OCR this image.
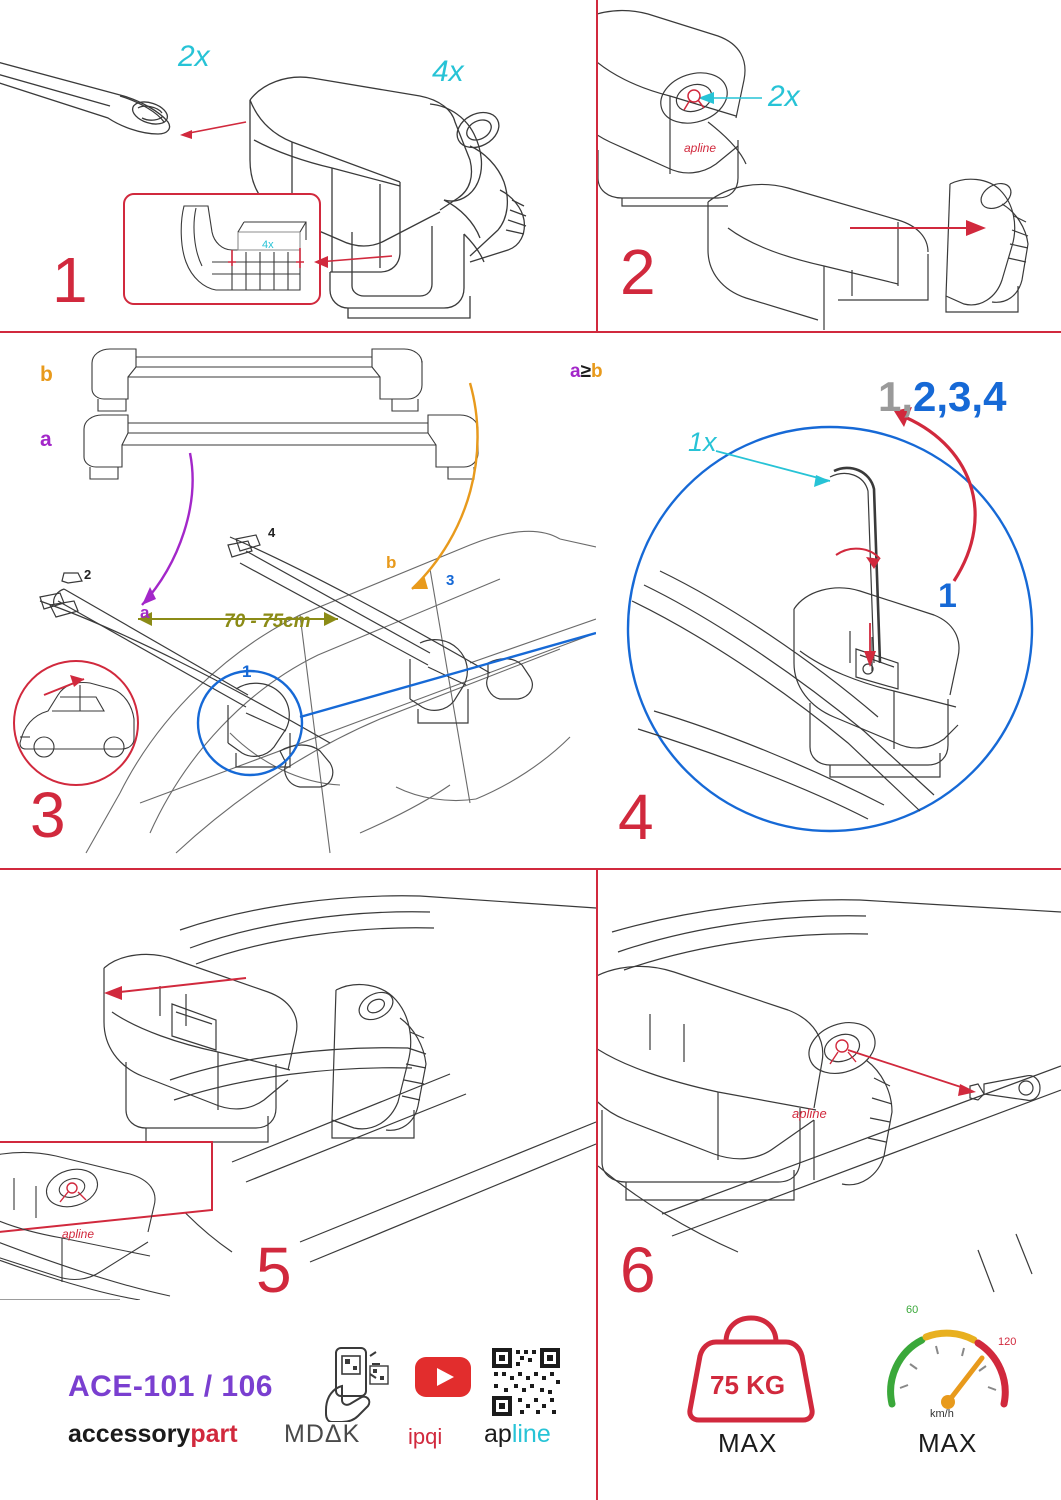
4x
2x	4x
1
apline
2x
2
2
4
3
1
b
a
a
b
70 - 75cm
3
a≥b
1x
1,2,3,4
1
4
apline	5
apline
6
ACE-101 / 106
accessorypart MDΔK ipqi apline
75 KG
MAX
60
120
km/h
MAX
